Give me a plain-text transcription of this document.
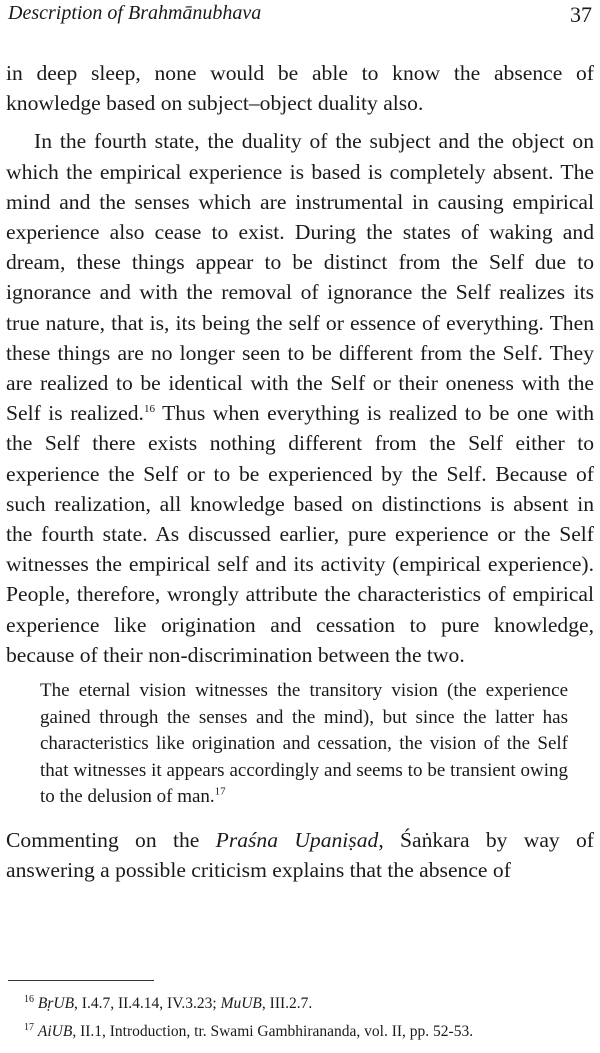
Description of Brahmānubhava	37

in deep sleep, none would be able to know the absence of knowledge based on subject–object duality also.

In the fourth state, the duality of the subject and the object on which the empirical experience is based is completely absent. The mind and the senses which are instrumental in causing empirical experience also cease to exist. During the states of waking and dream, these things appear to be distinct from the Self due to ignorance and with the removal of ignorance the Self realizes its true nature, that is, its being the self or essence of everything. Then these things are no longer seen to be different from the Self. They are realized to be identical with the Self or their oneness with the Self is realized.$^{16}$ Thus when everything is realized to be one with the Self there exists nothing different from the Self either to experience the Self or to be experienced by the Self. Because of such realization, all knowledge based on distinctions is absent in the fourth state. As discussed earlier, pure experience or the Self witnesses the empirical self and its activity (empirical experience). People, therefore, wrongly attribute the characteristics of empirical experience like origination and cessation to pure knowledge, because of their non-discrimination between the two.

The eternal vision witnesses the transitory vision (the experience gained through the senses and the mind), but since the latter has characteristics like origination and cessation, the vision of the Self that witnesses it appears accordingly and seems to be transient owing to the delusion of man.$^{17}$

Commenting on the Praśna Upaniṣad, Śaṅkara by way of answering a possible criticism explains that the absence of

$^{16}$ BṛUB, I.4.7, II.4.14, IV.3.23; MuUB, III.2.7.

$^{17}$ AiUB, II.1, Introduction, tr. Swami Gambhirananda, vol. II, pp. 52-53.
